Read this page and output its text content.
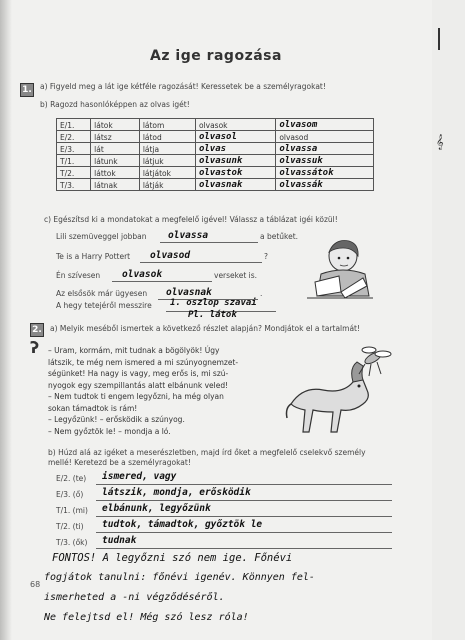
Az ige ragozása
1. a) Figyeld meg a lát ige kétféle ragozását! Keressetek be a személyragokat!
b) Ragozd hasonlóképpen az olvas igét!
E/1.	látok	látom	olvasok	olvasom
E/2.	látsz	látod	olvasol	olvasod
E/3.	lát	látja	olvas	olvassa
T/1.	látunk	látjuk	olvasunk	olvassuk
T/2.	láttok	látjátok	olvastok	olvassátok
T/3.	látnak	látják	olvasnak	olvassák
c) Egészítsd ki a mondatokat a megfelelő igével! Válassz a táblázat igéi közül!
Lili szemüveggel jobban olvassa	a betűket.
Te is a Harry Pottert olvasod	?
Én szívesen olvasok	verseket is.
Az elsősök már ügyesen olvasnak	.
A hegy tetejéről messzire 1. oszlop szavai
Pl. látok
2. a) Melyik meséből ismertek a következő részlet alapján? Mondjátok el a tartalmát!
ʔ – Uram, kormám, mit tudnak a bögölyök! Úgy
látszik, te még nem ismered a mi szúnyognemzet-
ségünket! Ha nagy is vagy, meg erős is, mi szú-
nyogok egy szempillantás alatt elbánunk veled!
– Nem tudtok ti engem legyőzni, ha még olyan
sokan támadtok is rám!
– Legyőzünk! – erősködik a szúnyog.
– Nem győztök le! – mondja a ló.
b) Húzd alá az igéket a meserészletben, majd írd őket a megfelelő cselekvő személy
mellé! Keretezd be a személyragokat!
E/2. (te) ismered, vagy
E/3. (ő) látszik, mondja, erősködik
T/1. (mi) elbánunk, legyőzünk
T/2. (ti) tudtok, támadtok, győztök le
T/3. (ők) tudnak
FONTOS! A legyőzni szó nem ige. Főnévi
fogjátok tanulni: főnévi igenév. Könnyen fel-
ismerheted a -ni végződéséről.
Ne felejtsd el! Még szó lesz róla!
68
𝄞
